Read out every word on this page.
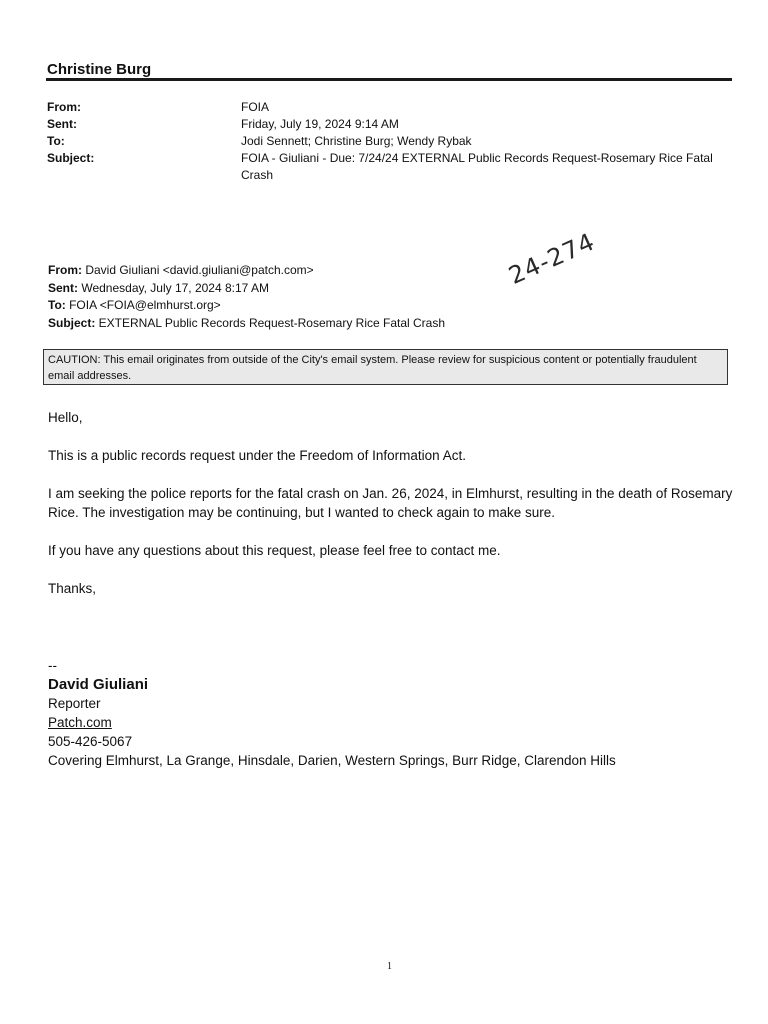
Christine Burg
From:	FOIA
Sent:	Friday, July 19, 2024 9:14 AM
To:	Jodi Sennett; Christine Burg; Wendy Rybak
Subject:	FOIA - Giuliani - Due: 7/24/24 EXTERNAL Public Records Request-Rosemary Rice Fatal Crash
From: David Giuliani <david.giuliani@patch.com>
Sent: Wednesday, July 17, 2024 8:17 AM
To: FOIA <FOIA@elmhurst.org>
Subject: EXTERNAL Public Records Request-Rosemary Rice Fatal Crash
24-274
CAUTION: This email originates from outside of the City's email system. Please review for suspicious content or potentially fraudulent email addresses.

Hello,

This is a public records request under the Freedom of Information Act.

I am seeking the police reports for the fatal crash on Jan. 26, 2024, in Elmhurst, resulting in the death of Rosemary Rice. The investigation may be continuing, but I wanted to check again to make sure.

If you have any questions about this request, please feel free to contact me.

Thanks,

--
David Giuliani
Reporter
Patch.com
505-426-5067
Covering Elmhurst, La Grange, Hinsdale, Darien, Western Springs, Burr Ridge, Clarendon Hills
1
